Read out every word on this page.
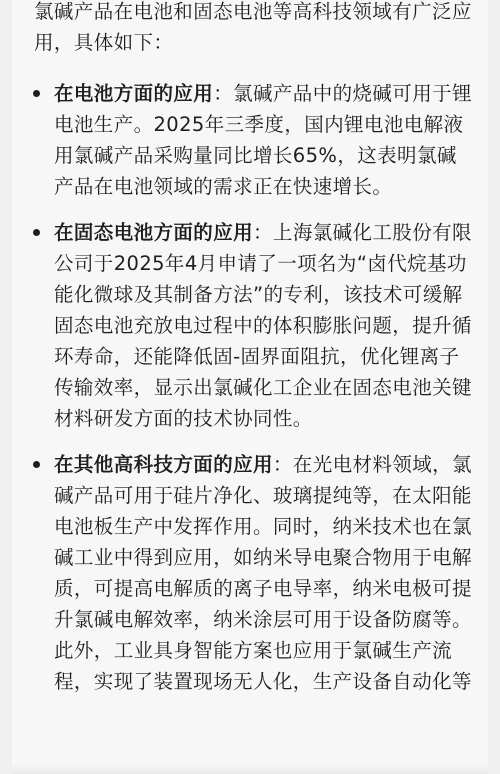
氯碱产品在电池和固态电池等高科技领域有广泛应用，具体如下：

在电池方面的应用：氯碱产品中的烧碱可用于锂电池生产。2025年三季度，国内锂电池电解液用氯碱产品采购量同比增长65%，这表明氯碱产品在电池领域的需求正在快速增长。
在固态电池方面的应用：上海氯碱化工股份有限公司于2025年4月申请了一项名为“卤代烷基功能化微球及其制备方法”的专利，该技术可缓解固态电池充放电过程中的体积膨胀问题，提升循环寿命，还能降低固-固界面阻抗，优化锂离子传输效率，显示出氯碱化工企业在固态电池关键材料研发方面的技术协同性。
在其他高科技方面的应用：在光电材料领域，氯碱产品可用于硅片净化、玻璃提纯等，在太阳能电池板生产中发挥作用。同时，纳米技术也在氯碱工业中得到应用，如纳米导电聚合物用于电解质，可提高电解质的离子电导率，纳米电极可提升氯碱电解效率，纳米涂层可用于设备防腐等。此外，工业具身智能方案也应用于氯碱生产流程，实现了装置现场无人化，生产设备自动化等
